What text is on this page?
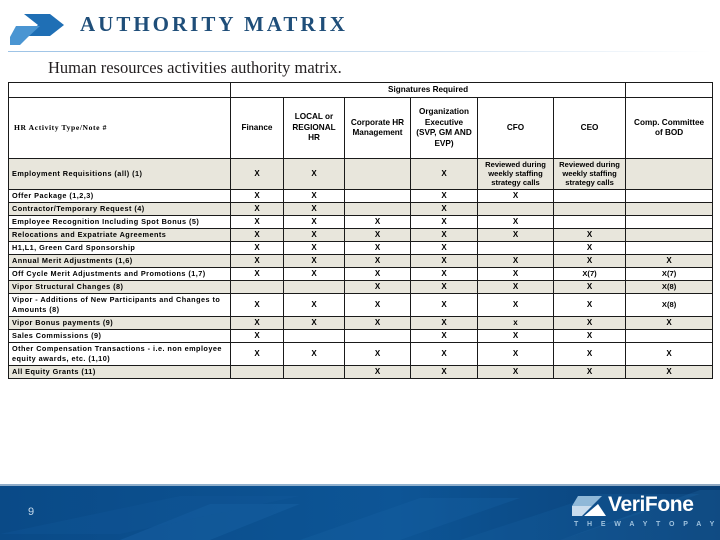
AUTHORITY MATRIX
Human resources activities authority matrix.
	Signatures Required						
HR Activity Type/Note #	Finance	LOCAL or REGIONAL HR	Corporate HR Management	Organization Executive (SVP, GM AND EVP)	CFO	CEO	Comp. Committee of BOD
Employment Requisitions (all) (1)	X	X		X	Reviewed during weekly staffing strategy calls	Reviewed during weekly staffing strategy calls	
Offer Package (1,2,3)	X	X		X	X		
Contractor/Temporary Request (4)	X	X		X			
Employee Recognition Including Spot Bonus (5)	X	X	X	X	X		
Relocations and Expatriate Agreements	X	X	X	X	X	X	
H1,L1, Green Card Sponsorship	X	X	X	X		X	
Annual Merit Adjustments (1,6)	X	X	X	X	X	X	X
Off Cycle Merit Adjustments and Promotions (1,7)	X	X	X	X	X	X(7)	X(7)
Vipor Structural Changes (8)			X	X	X	X	X(8)
Vipor - Additions of New Participants and Changes to Amounts (8)	X	X	X	X	X	X	X(8)
Vipor Bonus payments (9)	X	X	X	X	x	X	X
Sales Commissions (9)	X			X	X	X	
Other Compensation Transactions - i.e. non employee equity awards, etc. (1,10)	X	X	X	X	X	X	X
All Equity Grants (11)			X	X	X	X	X
9	VeriFone
T H E W A Y T O P A Y
